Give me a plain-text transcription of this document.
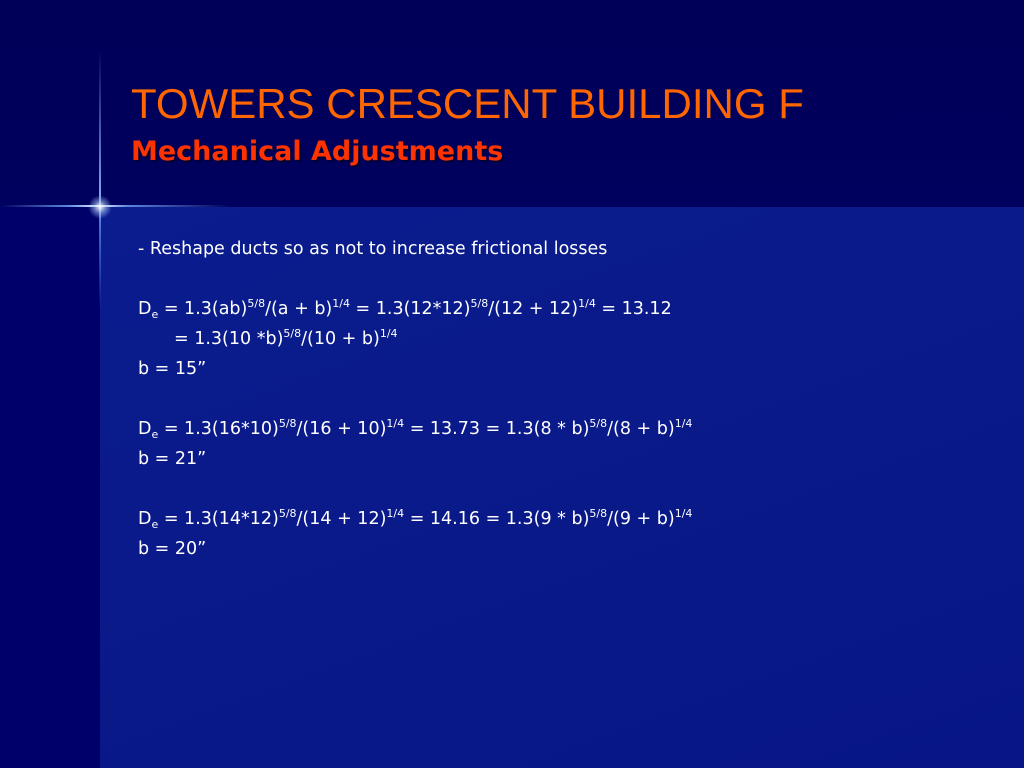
TOWERS CRESCENT BUILDING F
Mechanical Adjustments
- Reshape ducts so as not to increase frictional losses
$D_e = 1.3(ab)^{5/8}/(a + b)^{1/4} = 1.3(12*12)^{5/8}/(12 + 12)^{1/4} = 13.12$
= 1.3(10 $*b)^{5/8}/(10 + b)^{1/4}$
b = 15”
$D_e = 1.3(16*10)^{5/8}/(16 + 10)^{1/4} = 13.73 = 1.3(8 * b)^{5/8}/(8 + b)^{1/4}$
b = 21”
$D_e = 1.3(14*12)^{5/8}/(14 + 12)^{1/4} = 14.16 = 1.3(9 * b)^{5/8}/(9 + b)^{1/4}$
b = 20”
